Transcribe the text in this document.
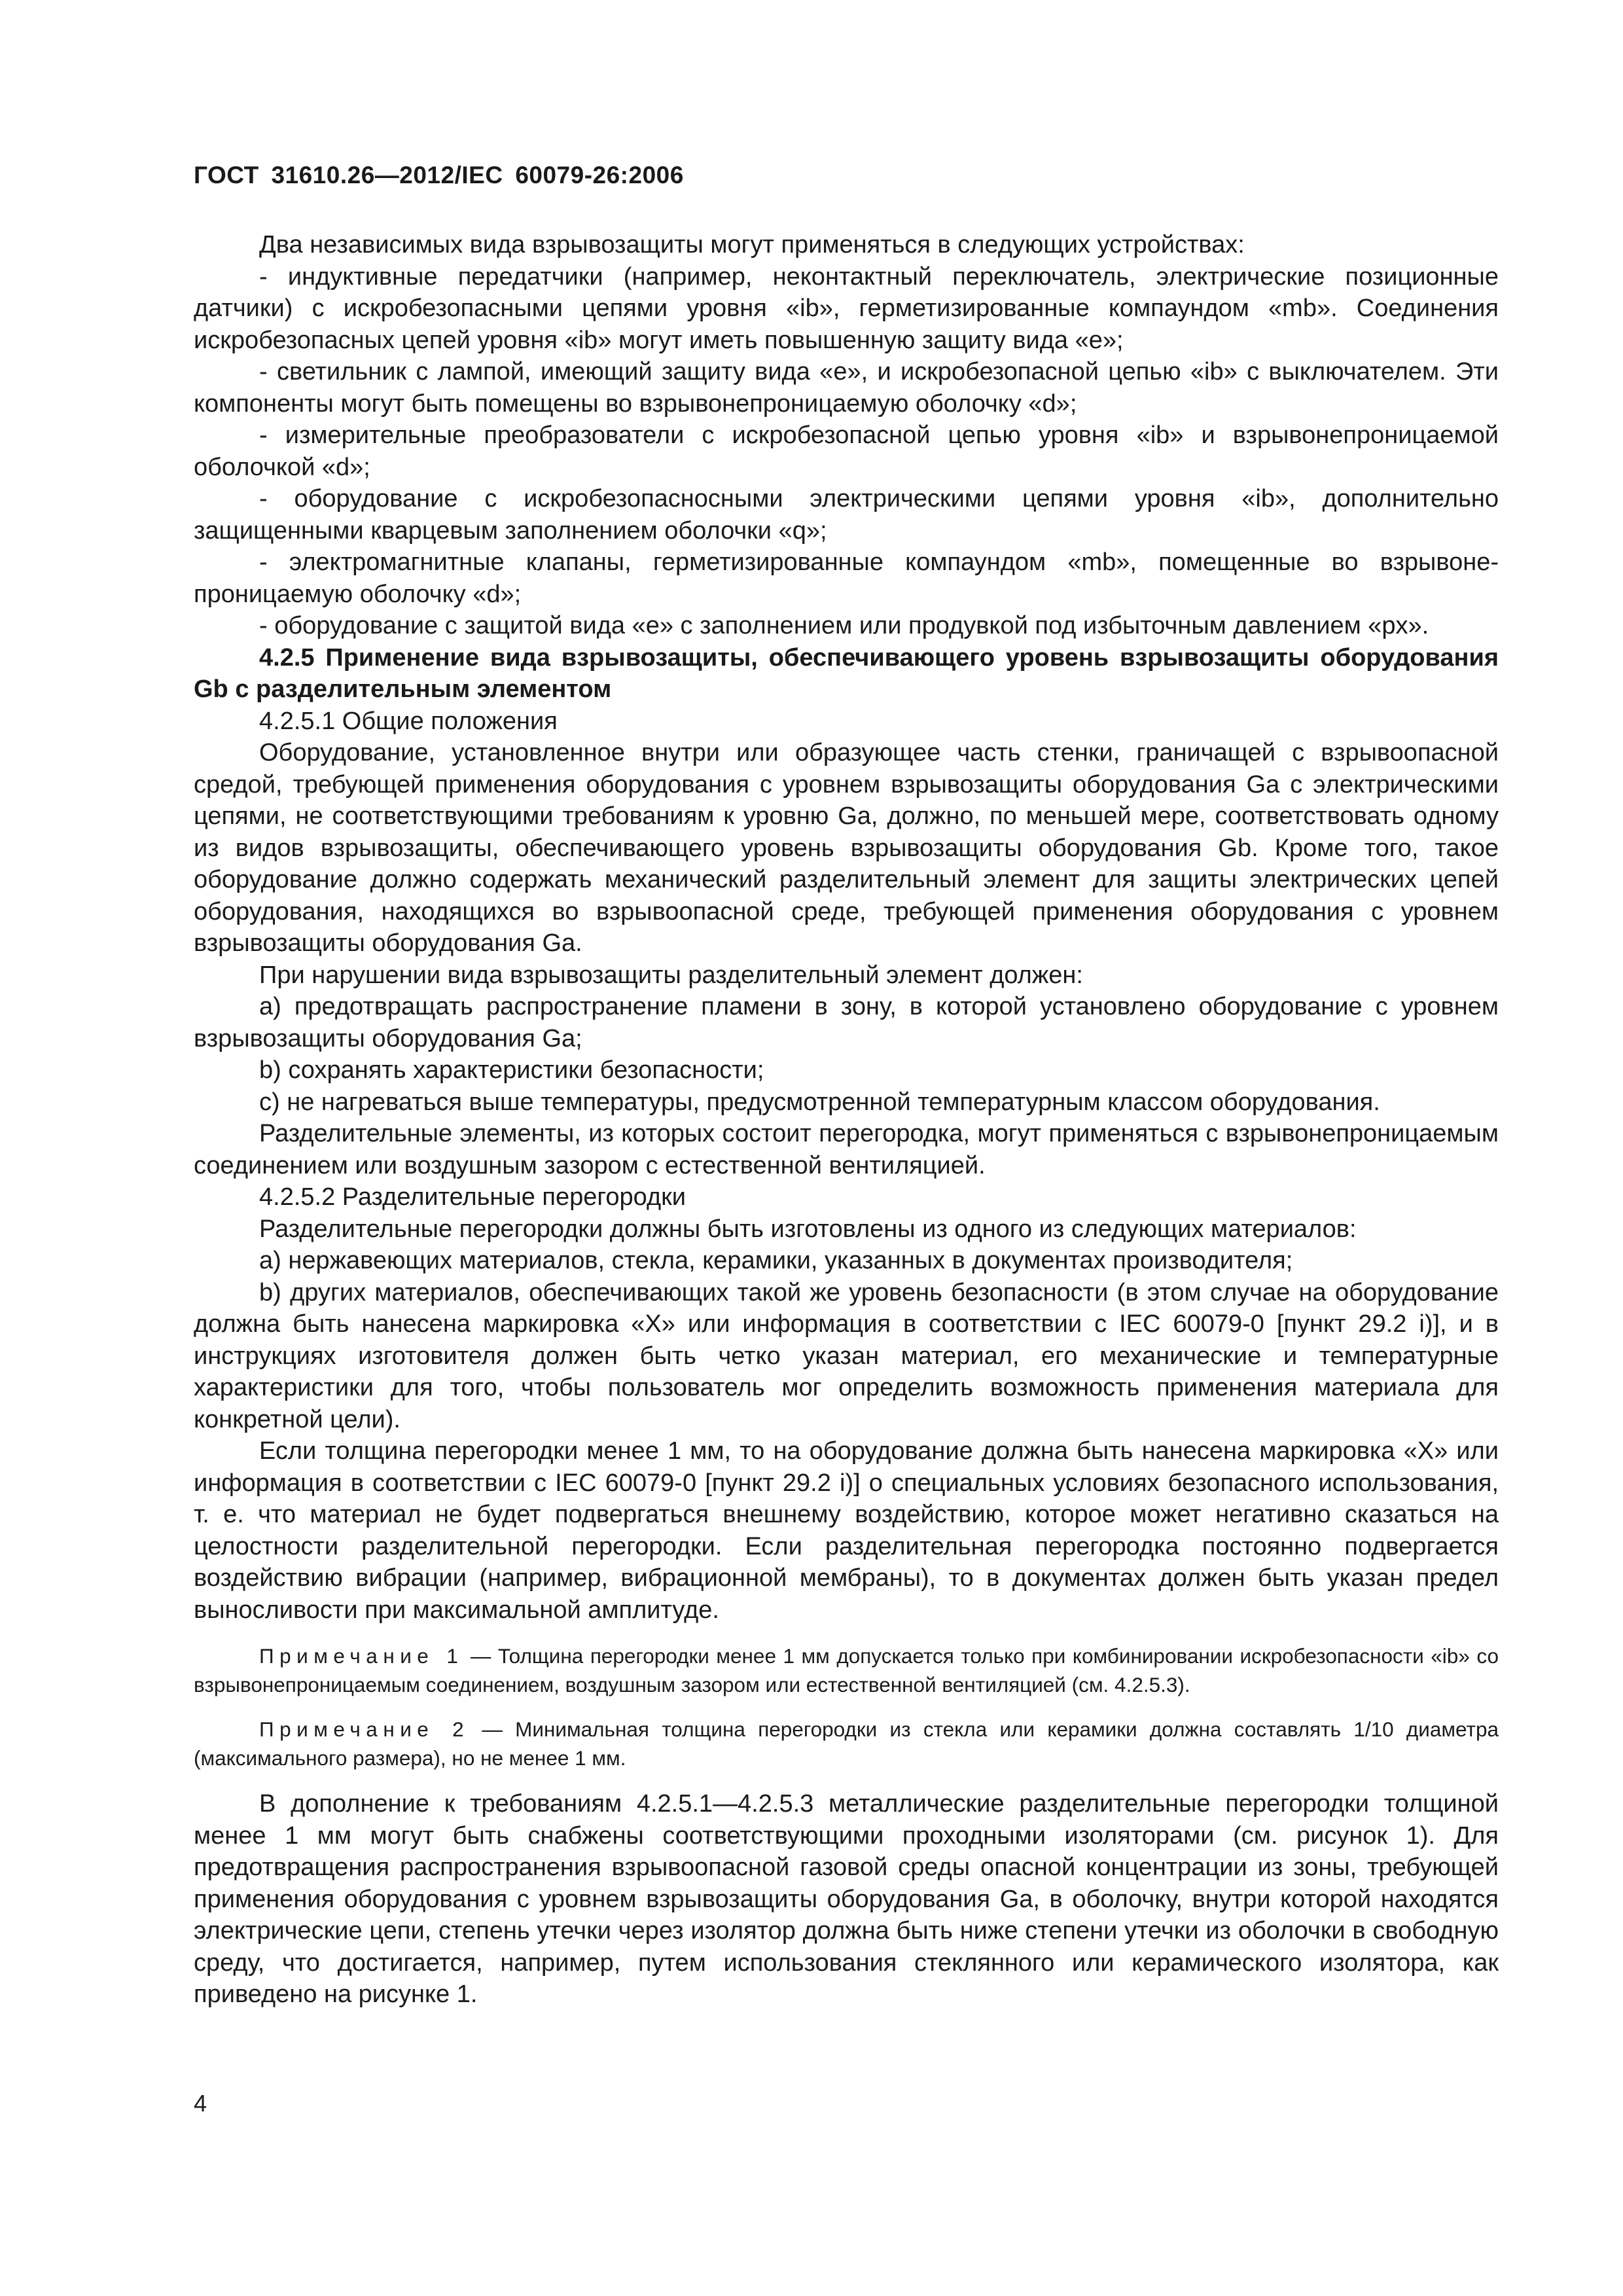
ГОСТ 31610.26—2012/IEC 60079-26:2006

Два независимых вида взрывозащиты могут применяться в следующих устройствах:

- индуктивные передатчики (например, неконтактный переключатель, электрические позиционные датчики) с искробезопасными цепями уровня «ib», герметизированные компаундом «mb». Соединения искробезопасных цепей уровня «ib» могут иметь повышенную защиту вида «е»;

- светильник с лампой, имеющий защиту вида «е», и искробезопасной цепью «ib» с выключателем. Эти компоненты могут быть помещены во взрывонепроницаемую оболочку «d»;

- измерительные преобразователи с искробезопасной цепью уровня «ib» и взрывонепроницаемой оболочкой «d»;

- оборудование с искробезопасносными электрическими цепями уровня «ib», дополнительно защищенными кварцевым заполнением оболочки «q»;

- электромагнитные клапаны, герметизированные компаундом «mb», помещенные во взрывонепроницаемую оболочку «d»;

- оборудование с защитой вида «е» с заполнением или продувкой под избыточным давлением «px».

4.2.5 Применение вида взрывозащиты, обеспечивающего уровень взрывозащиты оборудования Gb с разделительным элементом

4.2.5.1 Общие положения

Оборудование, установленное внутри или образующее часть стенки, граничащей с взрывоопасной средой, требующей применения оборудования с уровнем взрывозащиты оборудования Ga с электрическими цепями, не соответствующими требованиям к уровню Ga, должно, по меньшей мере, соответствовать одному из видов взрывозащиты, обеспечивающего уровень взрывозащиты оборудования Gb. Кроме того, такое оборудование должно содержать механический разделительный элемент для защиты электрических цепей оборудования, находящихся во взрывоопасной среде, требующей применения оборудования с уровнем взрывозащиты оборудования Ga.

При нарушении вида взрывозащиты разделительный элемент должен:

а) предотвращать распространение пламени в зону, в которой установлено оборудование с уровнем взрывозащиты оборудования Ga;

b) сохранять характеристики безопасности;

с) не нагреваться выше температуры, предусмотренной температурным классом оборудования.

Разделительные элементы, из которых состоит перегородка, могут применяться с взрывонепроницаемым соединением или воздушным зазором с естественной вентиляцией.

4.2.5.2 Разделительные перегородки

Разделительные перегородки должны быть изготовлены из одного из следующих материалов:

а) нержавеющих материалов, стекла, керамики, указанных в документах производителя;

b) других материалов, обеспечивающих такой же уровень безопасности (в этом случае на оборудование должна быть нанесена маркировка «X» или информация в соответствии с IEC 60079-0 [пункт 29.2 i)], и в инструкциях изготовителя должен быть четко указан материал, его механические и температурные характеристики для того, чтобы пользователь мог определить возможность применения материала для конкретной цели).

Если толщина перегородки менее 1 мм, то на оборудование должна быть нанесена маркировка «X» или информация в соответствии с IEC 60079-0 [пункт 29.2 i)] о специальных условиях безопасного использования, т. е. что материал не будет подвергаться внешнему воздействию, которое может негативно сказаться на целостности разделительной перегородки. Если разделительная перегородка постоянно подвергается воздействию вибрации (например, вибрационной мембраны), то в документах должен быть указан предел выносливости при максимальной амплитуде.

Примечание 1 — Толщина перегородки менее 1 мм допускается только при комбинировании искробезопасности «ib» со взрывонепроницаемым соединением, воздушным зазором или естественной вентиляцией (см. 4.2.5.3).

Примечание 2 — Минимальная толщина перегородки из стекла или керамики должна составлять 1/10 диаметра (максимального размера), но не менее 1 мм.

В дополнение к требованиям 4.2.5.1—4.2.5.3 металлические разделительные перегородки толщиной менее 1 мм могут быть снабжены соответствующими проходными изоляторами (см. рисунок 1). Для предотвращения распространения взрывоопасной газовой среды опасной концентрации из зоны, требующей применения оборудования с уровнем взрывозащиты оборудования Ga, в оболочку, внутри которой находятся электрические цепи, степень утечки через изолятор должна быть ниже степени утечки из оболочки в свободную среду, что достигается, например, путем использования стеклянного или керамического изолятора, как приведено на рисунке 1.

4
